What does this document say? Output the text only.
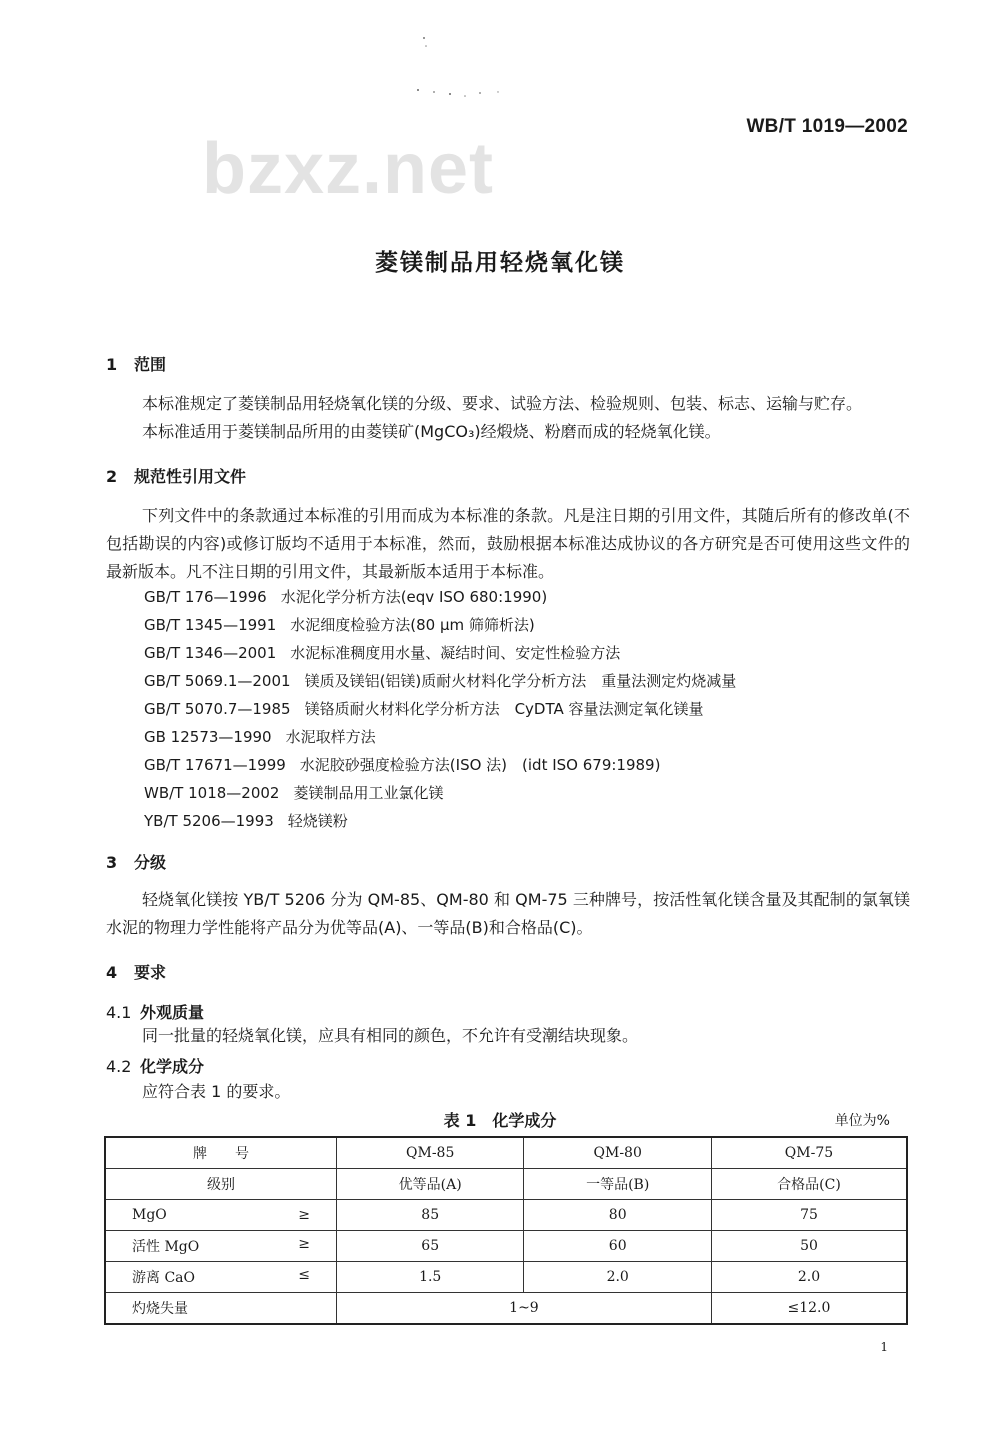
bzxz.net
WB/T 1019—2002
菱镁制品用轻烧氧化镁
1 范围
本标准规定了菱镁制品用轻烧氧化镁的分级、要求、试验方法、检验规则、包装、标志、运输与贮存。
本标准适用于菱镁制品所用的由菱镁矿(MgCO₃)经煅烧、粉磨而成的轻烧氧化镁。
2 规范性引用文件
下列文件中的条款通过本标准的引用而成为本标准的条款。凡是注日期的引用文件，其随后所有的修改单(不包括勘误的内容)或修订版均不适用于本标准，然而，鼓励根据本标准达成协议的各方研究是否可使用这些文件的最新版本。凡不注日期的引用文件，其最新版本适用于本标准。
GB/T 176—1996 水泥化学分析方法(eqv ISO 680:1990)
GB/T 1345—1991 水泥细度检验方法(80 μm 筛筛析法)
GB/T 1346—2001 水泥标准稠度用水量、凝结时间、安定性检验方法
GB/T 5069.1—2001 镁质及镁铝(铝镁)质耐火材料化学分析方法　重量法测定灼烧减量
GB/T 5070.7—1985 镁铬质耐火材料化学分析方法　CyDTA 容量法测定氧化镁量
GB 12573—1990 水泥取样方法
GB/T 17671—1999 水泥胶砂强度检验方法(ISO 法)　(idt ISO 679:1989)
WB/T 1018—2002 菱镁制品用工业氯化镁
YB/T 5206—1993 轻烧镁粉
3 分级
轻烧氧化镁按 YB/T 5206 分为 QM-85、QM-80 和 QM-75 三种牌号，按活性氧化镁含量及其配制的氯氧镁水泥的物理力学性能将产品分为优等品(A)、一等品(B)和合格品(C)。
4 要求
4.1 外观质量
同一批量的轻烧氧化镁，应具有相同的颜色，不允许有受潮结块现象。
4.2 化学成分
应符合表 1 的要求。
表 1　化学成分	单位为%
牌　　号	QM-85	QM-80	QM-75
级别	优等品(A)	一等品(B)	合格品(C)
MgO ≥	85	80	75
活性 MgO ≥	65	60	50
游离 CaO ≤	1.5	2.0	2.0
灼烧失量	1~9		≤12.0
1
